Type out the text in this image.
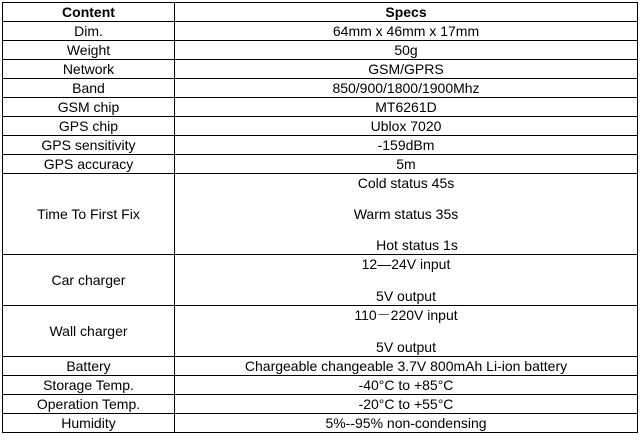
Content	Specs
Dim.	64mm x 46mm x 17mm
Weight	50g
Network	GSM/GPRS
Band	850/900/1800/1900Mhz
GSM chip	MT6261D
GPS chip	Ublox 7020
GPS sensitivity	-159dBm
GPS accuracy	5m
Time To First Fix	Cold status 45s
Warm status 35s
Hot status 1s

Car charger	12—24V input
5V output

Wall charger	110－220V input
5V output

Battery	Chargeable changeable 3.7V 800mAh Li-ion battery
Storage Temp.	-40°C to +85°C
Operation Temp.	-20°C to +55°C
Humidity	5%--95% non-condensing
